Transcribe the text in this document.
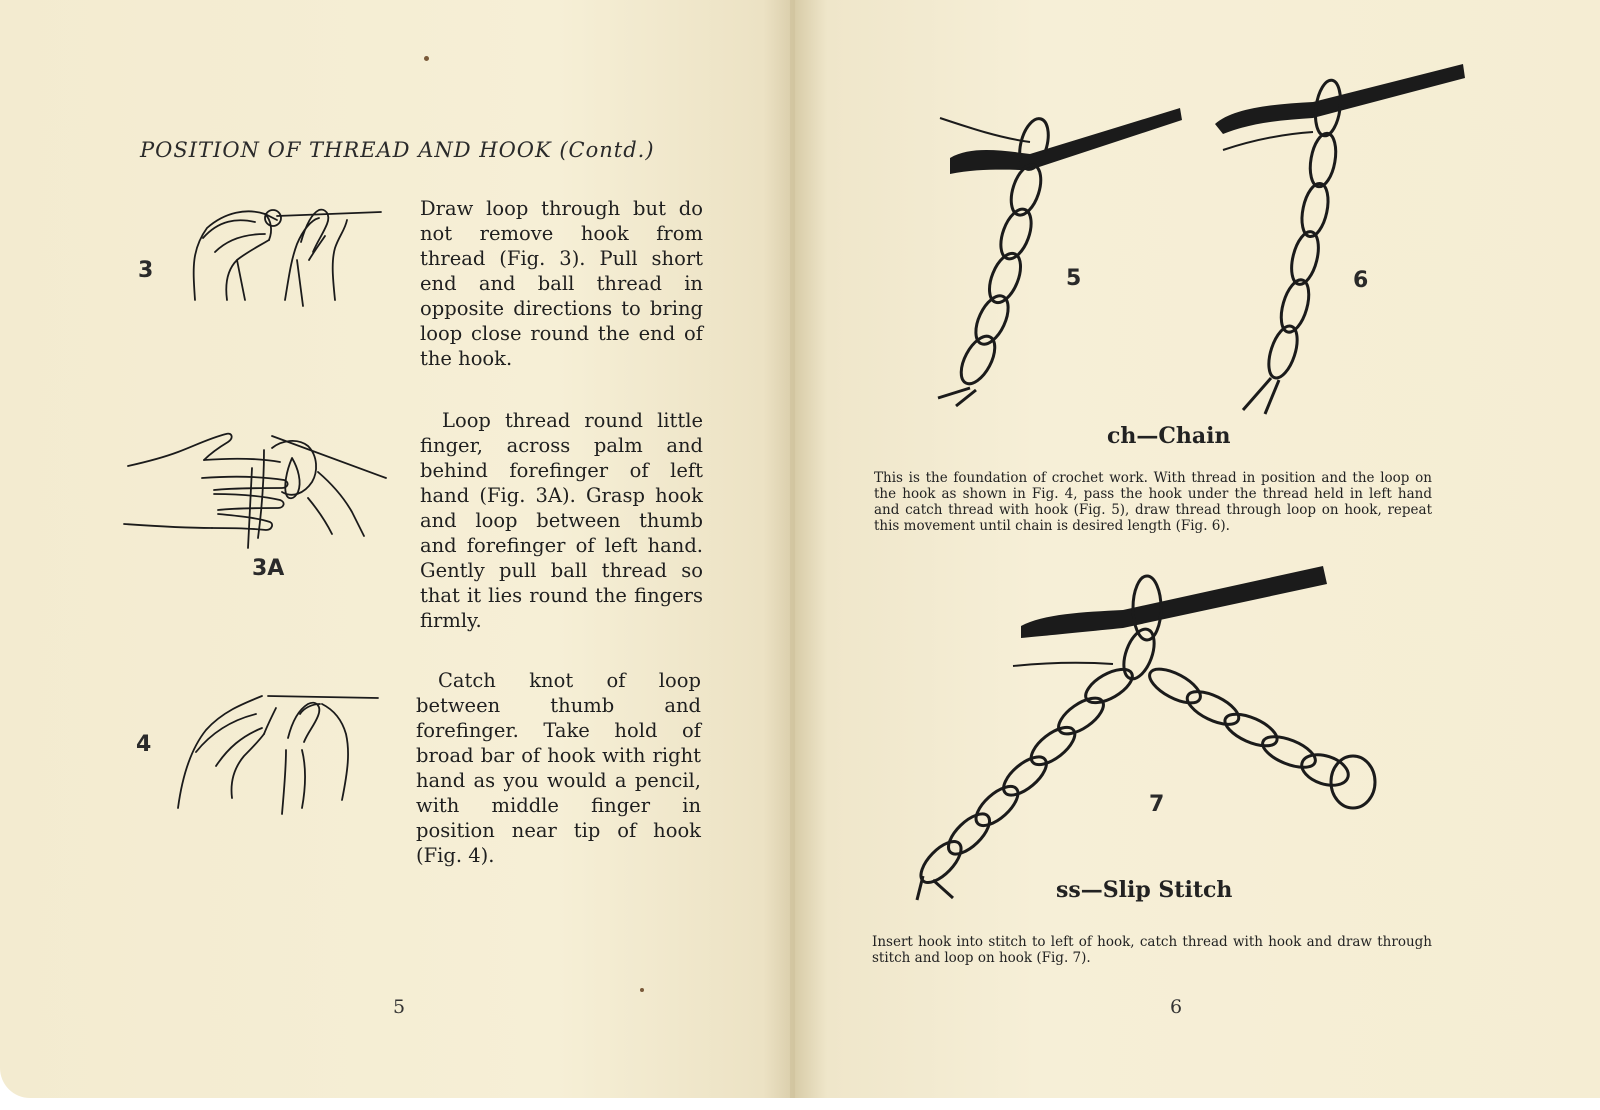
POSITION OF THREAD AND HOOK (Contd.)
3
Draw loop through but do not remove hook from thread (Fig. 3). Pull short end and ball thread in opposite directions to bring loop close round the end of the hook.
3A
Loop thread round little finger, across palm and behind forefinger of left hand (Fig. 3A). Grasp hook and loop between thumb and forefinger of left hand. Gently pull ball thread so that it lies round the fingers firmly.
4
Catch knot of loop between thumb and forefinger. Take hold of broad bar of hook with right hand as you would a pencil, with middle finger in position near tip of hook (Fig. 4).
5
5	6
ch—Chain
This is the foundation of crochet work. With thread in position and the loop on the hook as shown in Fig. 4, pass the hook under the thread held in left hand and catch thread with hook (Fig. 5), draw thread through loop on hook, repeat this movement until chain is desired length (Fig. 6).
7
ss—Slip Stitch
Insert hook into stitch to left of hook, catch thread with hook and draw through stitch and loop on hook (Fig. 7).
6
